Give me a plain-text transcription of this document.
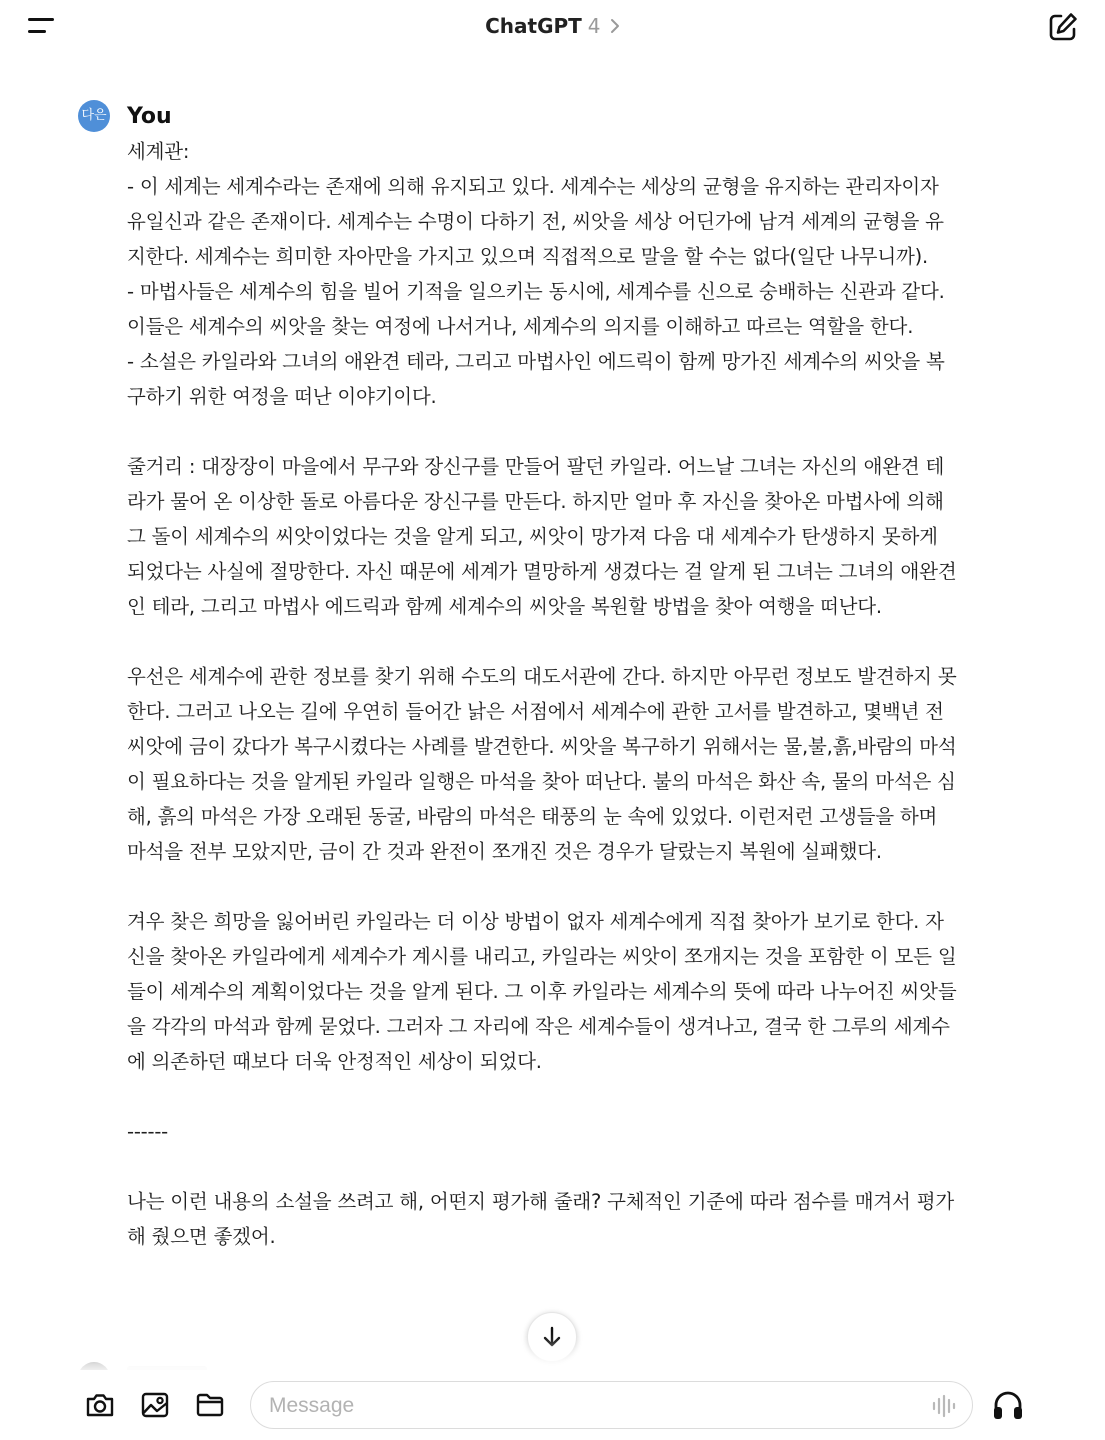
ChatGPT 4
다은 You
세계관:
- 이 세계는 세계수라는 존재에 의해 유지되고 있다. 세계수는 세상의 균형을 유지하는 관리자이자
유일신과 같은 존재이다. 세계수는 수명이 다하기 전, 씨앗을 세상 어딘가에 남겨 세계의 균형을 유
지한다. 세계수는 희미한 자아만을 가지고 있으며 직접적으로 말을 할 수는 없다(일단 나무니까).
- 마법사들은 세계수의 힘을 빌어 기적을 일으키는 동시에, 세계수를 신으로 숭배하는 신관과 같다.
이들은 세계수의 씨앗을 찾는 여정에 나서거나, 세계수의 의지를 이해하고 따르는 역할을 한다.
- 소설은 카일라와 그녀의 애완견 테라, 그리고 마법사인 에드릭이 함께 망가진 세계수의 씨앗을 복
구하기 위한 여정을 떠난 이야기이다.
줄거리 : 대장장이 마을에서 무구와 장신구를 만들어 팔던 카일라. 어느날 그녀는 자신의 애완견 테
라가 물어 온 이상한 돌로 아름다운 장신구를 만든다. 하지만 얼마 후 자신을 찾아온 마법사에 의해
그 돌이 세계수의 씨앗이었다는 것을 알게 되고, 씨앗이 망가져 다음 대 세계수가 탄생하지 못하게
되었다는 사실에 절망한다. 자신 때문에 세계가 멸망하게 생겼다는 걸 알게 된 그녀는 그녀의 애완견
인 테라, 그리고 마법사 에드릭과 함께 세계수의 씨앗을 복원할 방법을 찾아 여행을 떠난다.
우선은 세계수에 관한 정보를 찾기 위해 수도의 대도서관에 간다. 하지만 아무런 정보도 발견하지 못
한다. 그러고 나오는 길에 우연히 들어간 낡은 서점에서 세계수에 관한 고서를 발견하고, 몇백년 전
씨앗에 금이 갔다가 복구시켰다는 사례를 발견한다. 씨앗을 복구하기 위해서는 물,불,흙,바람의 마석
이 필요하다는 것을 알게된 카일라 일행은 마석을 찾아 떠난다. 불의 마석은 화산 속, 물의 마석은 심
해, 흙의 마석은 가장 오래된 동굴, 바람의 마석은 태풍의 눈 속에 있었다. 이런저런 고생들을 하며
마석을 전부 모았지만, 금이 간 것과 완전이 쪼개진 것은 경우가 달랐는지 복원에 실패했다.
겨우 찾은 희망을 잃어버린 카일라는 더 이상 방법이 없자 세계수에게 직접 찾아가 보기로 한다. 자
신을 찾아온 카일라에게 세계수가 계시를 내리고, 카일라는 씨앗이 쪼개지는 것을 포함한 이 모든 일
들이 세계수의 계획이었다는 것을 알게 된다. 그 이후 카일라는 세계수의 뜻에 따라 나누어진 씨앗들
을 각각의 마석과 함께 묻었다. 그러자 그 자리에 작은 세계수들이 생겨나고, 결국 한 그루의 세계수
에 의존하던 때보다 더욱 안정적인 세상이 되었다.
------
나는 이런 내용의 소설을 쓰려고 해, 어떤지 평가해 줄래? 구체적인 기준에 따라 점수를 매겨서 평가
해 줬으면 좋겠어.
Message
